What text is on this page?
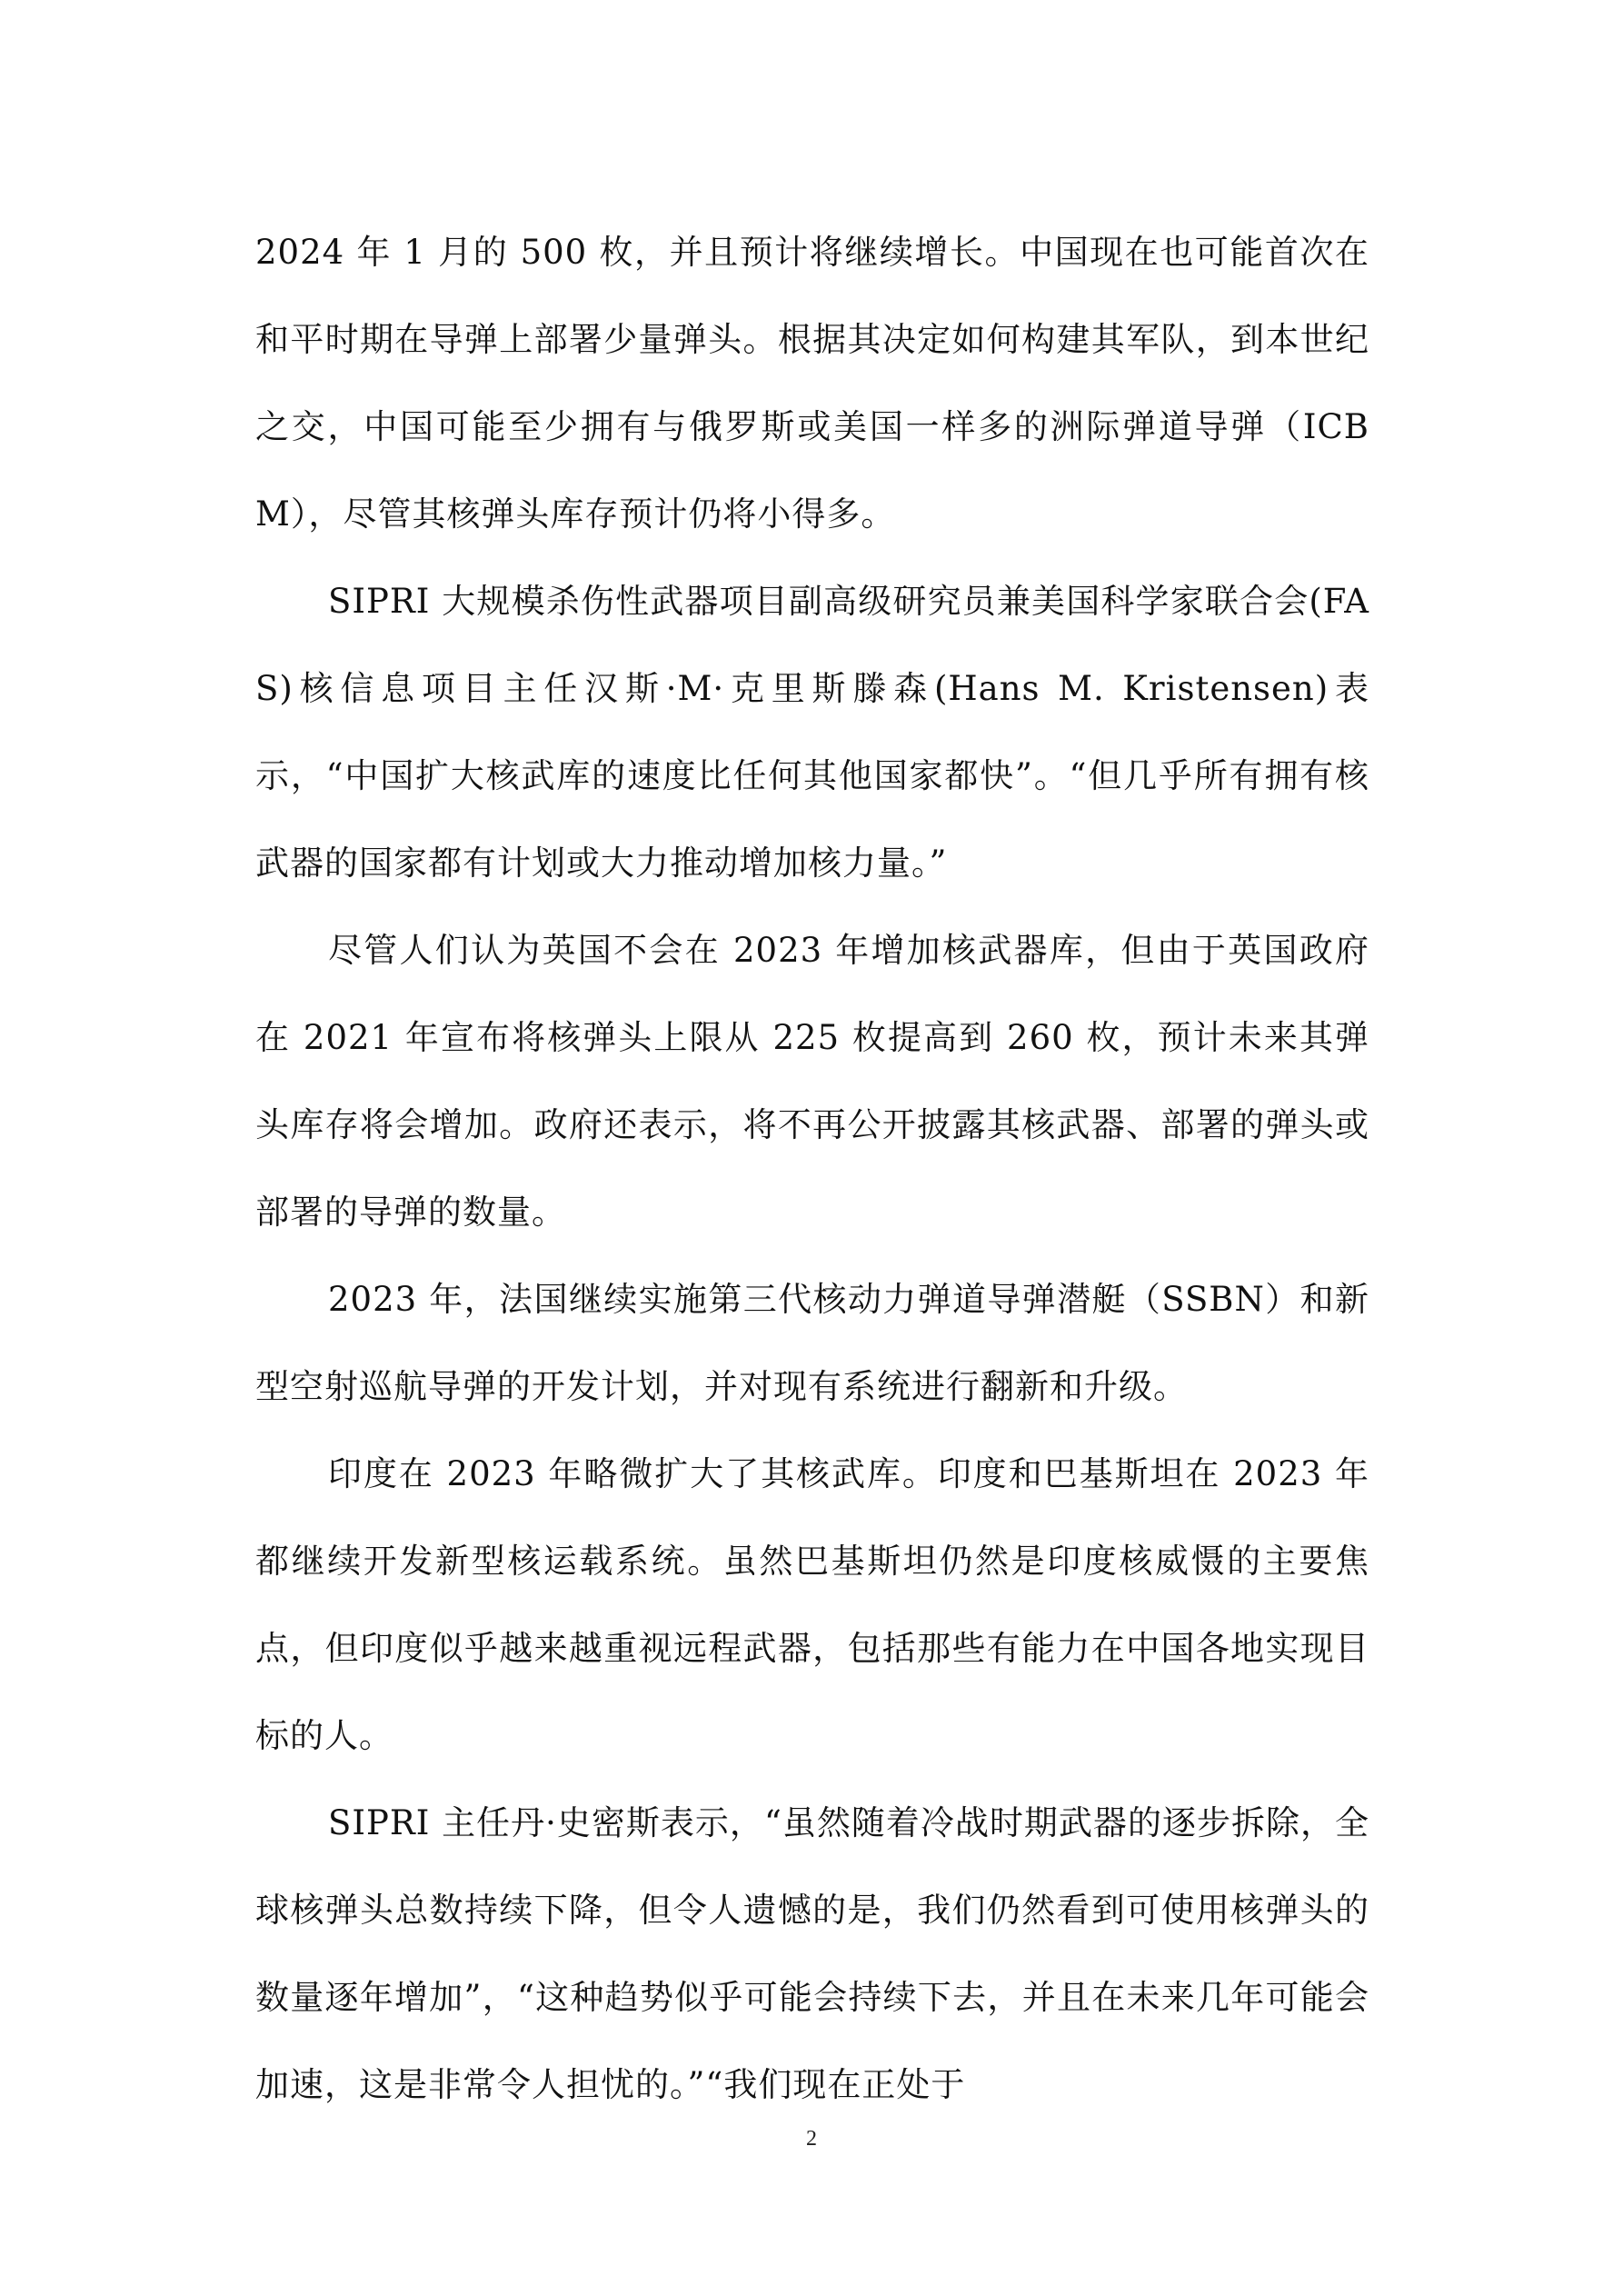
2024 年 1 月的 500 枚，并且预计将继续增长。中国现在也可能首次在和平时期在导弹上部署少量弹头。根据其决定如何构建其军队，到本世纪之交，中国可能至少拥有与俄罗斯或美国一样多的洲际弹道导弹（ICBM），尽管其核弹头库存预计仍将小得多。

SIPRI 大规模杀伤性武器项目副高级研究员兼美国科学家联合会(FAS)核信息项目主任汉斯·M·克里斯滕森(Hans M. Kristensen)表示，“中国扩大核武库的速度比任何其他国家都快”。“但几乎所有拥有核武器的国家都有计划或大力推动增加核力量。”

尽管人们认为英国不会在 2023 年增加核武器库，但由于英国政府在 2021 年宣布将核弹头上限从 225 枚提高到 260 枚，预计未来其弹头库存将会增加。政府还表示，将不再公开披露其核武器、部署的弹头或部署的导弹的数量。

2023 年，法国继续实施第三代核动力弹道导弹潜艇（SSBN）和新型空射巡航导弹的开发计划，并对现有系统进行翻新和升级。

印度在 2023 年略微扩大了其核武库。印度和巴基斯坦在 2023 年都继续开发新型核运载系统。虽然巴基斯坦仍然是印度核威慑的主要焦点，但印度似乎越来越重视远程武器，包括那些有能力在中国各地实现目标的人。

SIPRI 主任丹·史密斯表示，“虽然随着冷战时期武器的逐步拆除，全球核弹头总数持续下降，但令人遗憾的是，我们仍然看到可使用核弹头的数量逐年增加”，“这种趋势似乎可能会持续下去，并且在未来几年可能会加速，这是非常令人担忧的。”“我们现在正处于

2
